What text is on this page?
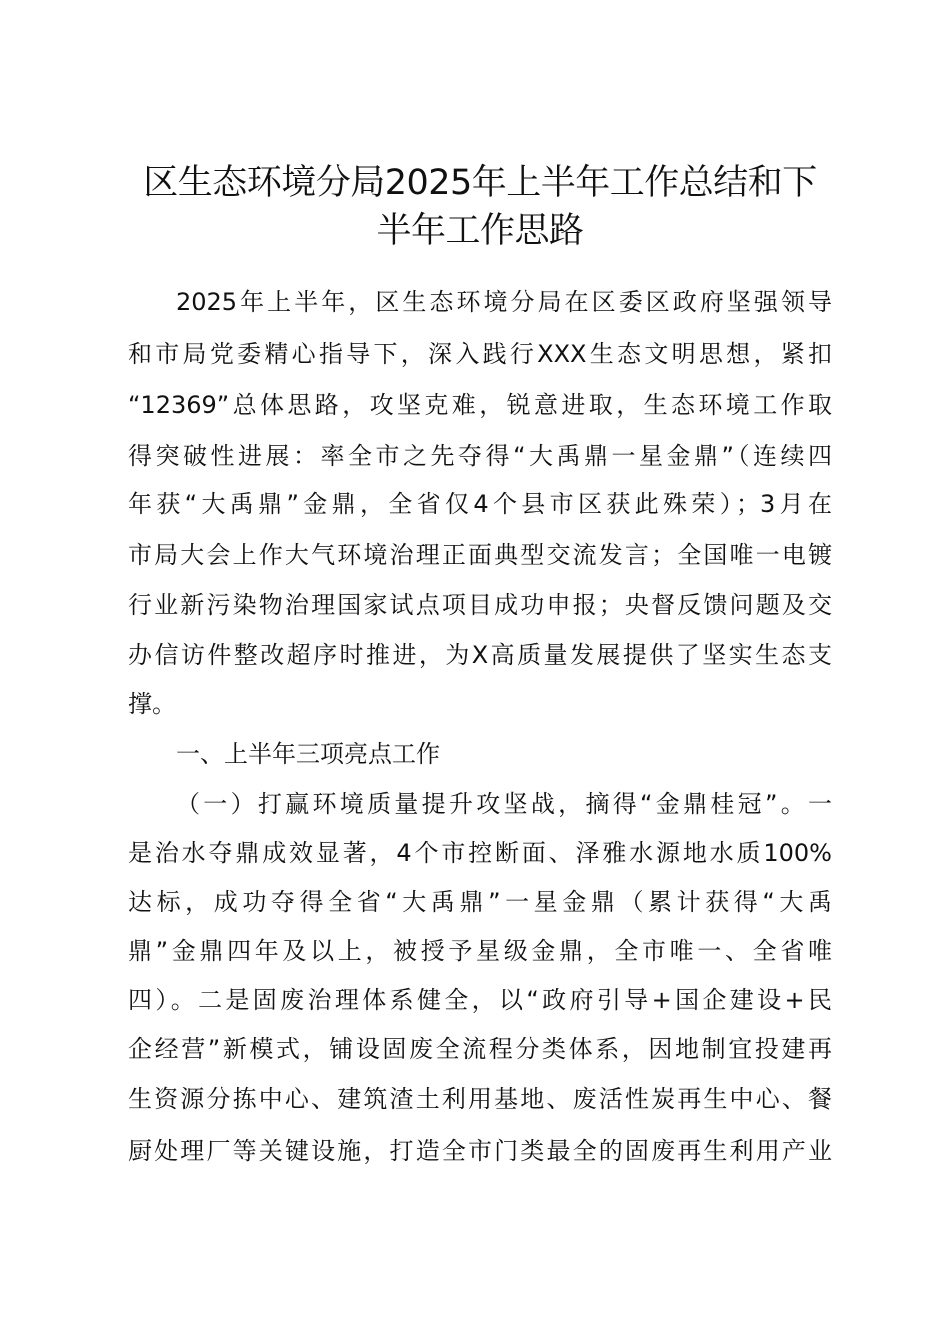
区生态环境分局2025年上半年工作总结和下
半年工作思路

2025年上半年，区生态环境分局在区委区政府坚强领导

和市局党委精心指导下，深入践行XXX生态文明思想，紧扣

“12369”总体思路，攻坚克难，锐意进取，生态环境工作取

得突破性进展：率全市之先夺得“大禹鼎一星金鼎”（连续四

年获“大禹鼎”金鼎，全省仅4个县市区获此殊荣）；3月在

市局大会上作大气环境治理正面典型交流发言；全国唯一电镀

行业新污染物治理国家试点项目成功申报；央督反馈问题及交

办信访件整改超序时推进，为X高质量发展提供了坚实生态支

撑。

一、上半年三项亮点工作

（一）打赢环境质量提升攻坚战，摘得“金鼎桂冠”。一

是治水夺鼎成效显著，4个市控断面、泽雅水源地水质100%

达标，成功夺得全省“大禹鼎”一星金鼎（累计获得“大禹

鼎”金鼎四年及以上，被授予星级金鼎，全市唯一、全省唯

四）。二是固废治理体系健全，以“政府引导+国企建设+民

企经营”新模式，铺设固废全流程分类体系，因地制宜投建再

生资源分拣中心、建筑渣土利用基地、废活性炭再生中心、餐

厨处理厂等关键设施，打造全市门类最全的固废再生利用产业
